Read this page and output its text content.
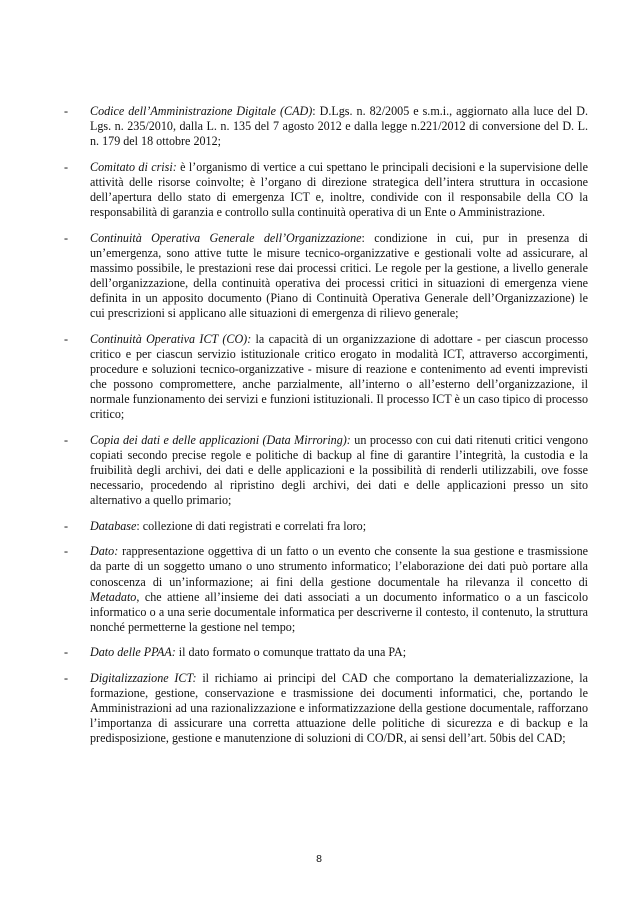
- Codice dell’Amministrazione Digitale (CAD): D.Lgs. n. 82/2005 e s.m.i., aggiornato alla luce del D. Lgs. n. 235/2010, dalla L. n. 135 del 7 agosto 2012 e dalla legge n.221/2012 di conversione del D. L. n. 179 del 18 ottobre 2012;
- Comitato di crisi: è l’organismo di vertice a cui spettano le principali decisioni e la supervisione delle attività delle risorse coinvolte; è l’organo di direzione strategica dell’intera struttura in occasione dell’apertura dello stato di emergenza ICT e, inoltre, condivide con il responsabile della CO la responsabilità di garanzia e controllo sulla continuità operativa di un Ente o Amministrazione.
- Continuità Operativa Generale dell’Organizzazione: condizione in cui, pur in presenza di un’emergenza, sono attive tutte le misure tecnico-organizzative e gestionali volte ad assicurare, al massimo possibile, le prestazioni rese dai processi critici. Le regole per la gestione, a livello generale dell’organizzazione, della continuità operativa dei processi critici in situazioni di emergenza viene definita in un apposito documento (Piano di Continuità Operativa Generale dell’Organizzazione) le cui prescrizioni si applicano alle situazioni di emergenza di rilievo generale;
- Continuità Operativa ICT (CO): la capacità di un organizzazione di adottare - per ciascun processo critico e per ciascun servizio istituzionale critico erogato in modalità ICT, attraverso accorgimenti, procedure e soluzioni tecnico-organizzative - misure di reazione e contenimento ad eventi imprevisti che possono compromettere, anche parzialmente, all’interno o all’esterno dell’organizzazione, il normale funzionamento dei servizi e funzioni istituzionali. Il processo ICT è un caso tipico di processo critico;
- Copia dei dati e delle applicazioni (Data Mirroring): un processo con cui dati ritenuti critici vengono copiati secondo precise regole e politiche di backup al fine di garantire l’integrità, la custodia e la fruibilità degli archivi, dei dati e delle applicazioni e la possibilità di renderli utilizzabili, ove fosse necessario, procedendo al ripristino degli archivi, dei dati e delle applicazioni presso un sito alternativo a quello primario;
- Database: collezione di dati registrati e correlati fra loro;
- Dato: rappresentazione oggettiva di un fatto o un evento che consente la sua gestione e trasmissione da parte di un soggetto umano o uno strumento informatico; l’elaborazione dei dati può portare alla conoscenza di un’informazione; ai fini della gestione documentale ha rilevanza il concetto di Metadato, che attiene all’insieme dei dati associati a un documento informatico o a un fascicolo informatico o a una serie documentale informatica per descriverne il contesto, il contenuto, la struttura nonché permetterne la gestione nel tempo;
- Dato delle PPAA: il dato formato o comunque trattato da una PA;
- Digitalizzazione ICT: il richiamo ai principi del CAD che comportano la dematerializzazione, la formazione, gestione, conservazione e trasmissione dei documenti informatici, che, portando le Amministrazioni ad una razionalizzazione e informatizzazione della gestione documentale, rafforzano l’importanza di assicurare una corretta attuazione delle politiche di sicurezza e di backup e la predisposizione, gestione e manutenzione di soluzioni di CO/DR, ai sensi dell’art. 50bis del CAD;
8
